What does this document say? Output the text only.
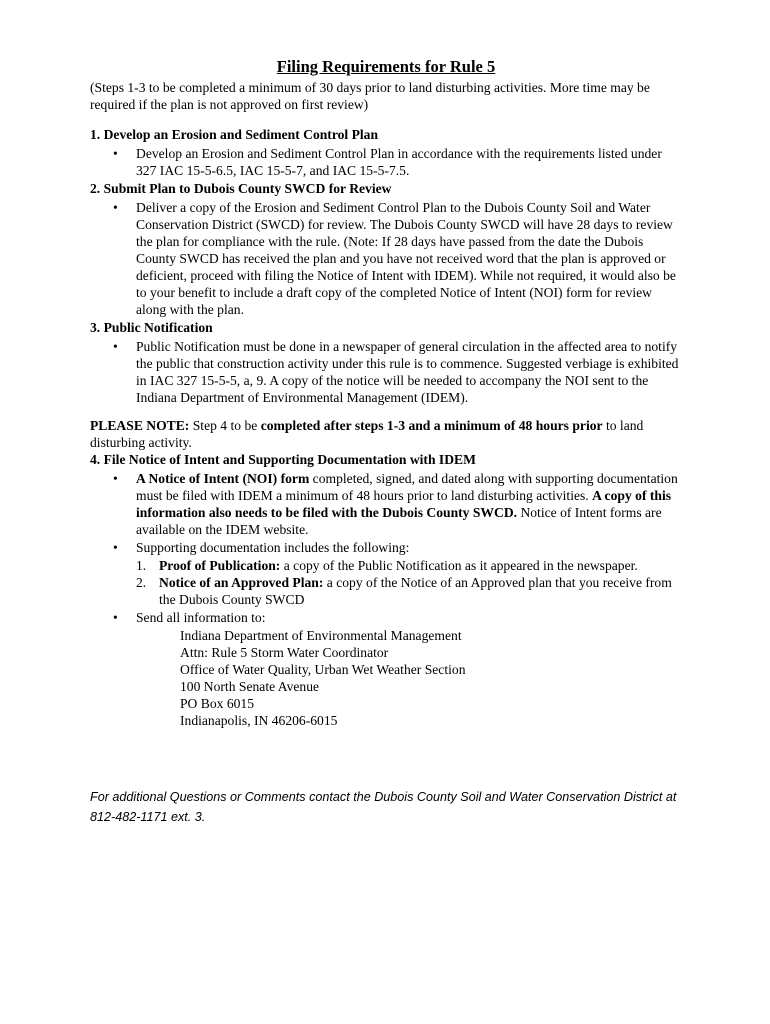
Filing Requirements for Rule 5
(Steps 1-3 to be completed a minimum of 30 days prior to land disturbing activities. More time may be required if the plan is not approved on first review)
1. Develop an Erosion and Sediment Control Plan
• Develop an Erosion and Sediment Control Plan in accordance with the requirements listed under 327 IAC 15-5-6.5, IAC 15-5-7, and IAC 15-5-7.5.
2. Submit Plan to Dubois County SWCD for Review
• Deliver a copy of the Erosion and Sediment Control Plan to the Dubois County Soil and Water Conservation District (SWCD) for review. The Dubois County SWCD will have 28 days to review the plan for compliance with the rule. (Note: If 28 days have passed from the date the Dubois County SWCD has received the plan and you have not received word that the plan is approved or deficient, proceed with filing the Notice of Intent with IDEM). While not required, it would also be to your benefit to include a draft copy of the completed Notice of Intent (NOI) form for review along with the plan.
3. Public Notification
• Public Notification must be done in a newspaper of general circulation in the affected area to notify the public that construction activity under this rule is to commence. Suggested verbiage is exhibited in IAC 327 15-5-5, a, 9. A copy of the notice will be needed to accompany the NOI sent to the Indiana Department of Environmental Management (IDEM).
PLEASE NOTE: Step 4 to be completed after steps 1-3 and a minimum of 48 hours prior to land disturbing activity.
4. File Notice of Intent and Supporting Documentation with IDEM
• A Notice of Intent (NOI) form completed, signed, and dated along with supporting documentation must be filed with IDEM a minimum of 48 hours prior to land disturbing activities. A copy of this information also needs to be filed with the Dubois County SWCD. Notice of Intent forms are available on the IDEM website.
• Supporting documentation includes the following:
1. Proof of Publication: a copy of the Public Notification as it appeared in the newspaper.
2. Notice of an Approved Plan: a copy of the Notice of an Approved plan that you receive from the Dubois County SWCD
• Send all information to:
Indiana Department of Environmental Management
Attn: Rule 5 Storm Water Coordinator
Office of Water Quality, Urban Wet Weather Section
100 North Senate Avenue
PO Box 6015
Indianapolis, IN 46206-6015
For additional Questions or Comments contact the Dubois County Soil and Water Conservation District at 812-482-1171 ext. 3.
